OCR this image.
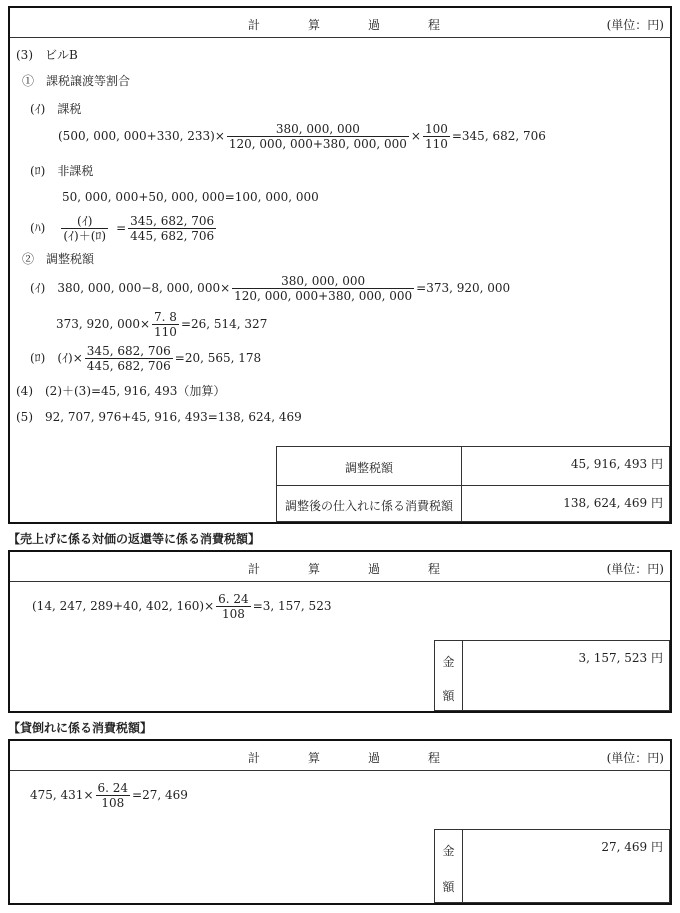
計	算	過	程	(単位：円)
(3)　ビルB
①　課税譲渡等割合
(ｲ)　課税
(500, 000, 000+330, $233)\times \frac{380, 000, 000}{120, 000, 000+380, 000, 000} \times \frac{100}{110} =345$, 682, 706
(ﾛ)　非課税
50, 000, 000+50, 000, 000=100, 000, 000
(ﾊ) $\frac{\text{(ｲ)}}{\text{(ｲ)＋(ﾛ)}} = \frac{345, 682, 706}{445, 682, 706}$
②　調整税額
(ｲ)　380, 000, 000−8, 000, $000\times \frac{380, 000, 000}{120, 000, 000+380, 000, 000} =373$, 920, 000
373, 920, $000\times \frac{7. 8}{110} =26$, 514, 327
(ﾛ)　(ｲ)× $\frac{345, 682, 706}{445, 682, 706} =20$, 565, 178
(4)　(2)＋(3)=45, 916, 493（加算）
(5)　92, 707, 976+45, 916, 493=138, 624, 469
調整税額	45, 916, 493 円
調整後の仕入れに係る消費税額	138, 624, 469 円
【売上げに係る対価の返還等に係る消費税額】
計	算	過	程	(単位：円)
(14, 247, 289+40, 402, $160)\times \frac{6. 24}{108} =3$, 157, 523
金
額
3, 157, 523 円
【貸倒れに係る消費税額】
計	算	過	程	(単位：円)
475, $431\times \frac{6. 24}{108} =27$, 469
金
額
27, 469 円
